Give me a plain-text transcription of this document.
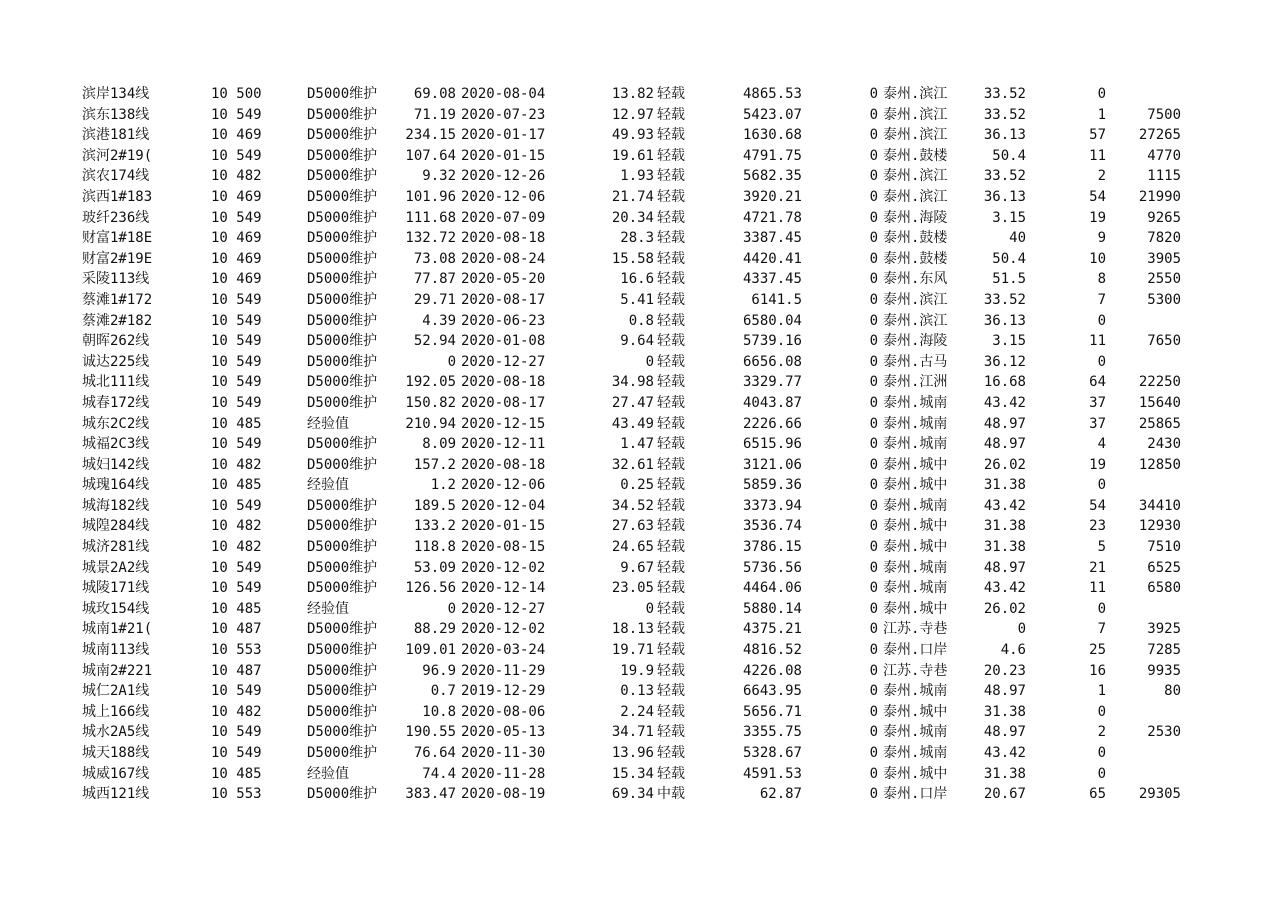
滨岸134线	10 500	D5000维护	69.08 2020-08-04	13.82 轻载	4865.53	0 泰州.滨江	33.52	0
滨东138线	10 549	D5000维护	71.19 2020-07-23	12.97 轻载	5423.07	0 泰州.滨江	33.52	1	7500
滨港181线	10 469	D5000维护	234.15 2020-01-17	49.93 轻载	1630.68	0 泰州.滨江	36.13	57	27265
滨河2#19(	10 549	D5000维护	107.64 2020-01-15	19.61 轻载	4791.75	0 泰州.鼓楼	50.4	11	4770
滨农174线	10 482	D5000维护	9.32 2020-12-26	1.93 轻载	5682.35	0 泰州.滨江	33.52	2	1115
滨西1#183	10 469	D5000维护	101.96 2020-12-06	21.74 轻载	3920.21	0 泰州.滨江	36.13	54	21990
玻纤236线	10 549	D5000维护	111.68 2020-07-09	20.34 轻载	4721.78	0 泰州.海陵	3.15	19	9265
财富1#18E	10 469	D5000维护	132.72 2020-08-18	28.3 轻载	3387.45	0 泰州.鼓楼	40	9	7820
财富2#19E	10 469	D5000维护	73.08 2020-08-24	15.58 轻载	4420.41	0 泰州.鼓楼	50.4	10	3905
采陵113线	10 469	D5000维护	77.87 2020-05-20	16.6 轻载	4337.45	0 泰州.东风	51.5	8	2550
蔡滩1#172	10 549	D5000维护	29.71 2020-08-17	5.41 轻载	6141.5	0 泰州.滨江	33.52	7	5300
蔡滩2#182	10 549	D5000维护	4.39 2020-06-23	0.8 轻载	6580.04	0 泰州.滨江	36.13	0
朝晖262线	10 549	D5000维护	52.94 2020-01-08	9.64 轻载	5739.16	0 泰州.海陵	3.15	11	7650
诚达225线	10 549	D5000维护	0 2020-12-27	0 轻载	6656.08	0 泰州.古马	36.12	0
城北111线	10 549	D5000维护	192.05 2020-08-18	34.98 轻载	3329.77	0 泰州.江洲	16.68	64	22250
城春172线	10 549	D5000维护	150.82 2020-08-17	27.47 轻载	4043.87	0 泰州.城南	43.42	37	15640
城东2C2线	10 485	经验值	210.94 2020-12-15	43.49 轻载	2226.66	0 泰州.城南	48.97	37	25865
城福2C3线	10 549	D5000维护	8.09 2020-12-11	1.47 轻载	6515.96	0 泰州.城南	48.97	4	2430
城妇142线	10 482	D5000维护	157.2 2020-08-18	32.61 轻载	3121.06	0 泰州.城中	26.02	19	12850
城瑰164线	10 485	经验值	1.2 2020-12-06	0.25 轻载	5859.36	0 泰州.城中	31.38	0
城海182线	10 549	D5000维护	189.5 2020-12-04	34.52 轻载	3373.94	0 泰州.城南	43.42	54	34410
城隍284线	10 482	D5000维护	133.2 2020-01-15	27.63 轻载	3536.74	0 泰州.城中	31.38	23	12930
城济281线	10 482	D5000维护	118.8 2020-08-15	24.65 轻载	3786.15	0 泰州.城中	31.38	5	7510
城景2A2线	10 549	D5000维护	53.09 2020-12-02	9.67 轻载	5736.56	0 泰州.城南	48.97	21	6525
城陵171线	10 549	D5000维护	126.56 2020-12-14	23.05 轻载	4464.06	0 泰州.城南	43.42	11	6580
城玫154线	10 485	经验值	0 2020-12-27	0 轻载	5880.14	0 泰州.城中	26.02	0
城南1#21(	10 487	D5000维护	88.29 2020-12-02	18.13 轻载	4375.21	0 江苏.寺巷	0	7	3925
城南113线	10 553	D5000维护	109.01 2020-03-24	19.71 轻载	4816.52	0 泰州.口岸	4.6	25	7285
城南2#221	10 487	D5000维护	96.9 2020-11-29	19.9 轻载	4226.08	0 江苏.寺巷	20.23	16	9935
城仁2A1线	10 549	D5000维护	0.7 2019-12-29	0.13 轻载	6643.95	0 泰州.城南	48.97	1	80
城上166线	10 482	D5000维护	10.8 2020-08-06	2.24 轻载	5656.71	0 泰州.城中	31.38	0
城水2A5线	10 549	D5000维护	190.55 2020-05-13	34.71 轻载	3355.75	0 泰州.城南	48.97	2	2530
城天188线	10 549	D5000维护	76.64 2020-11-30	13.96 轻载	5328.67	0 泰州.城南	43.42	0
城威167线	10 485	经验值	74.4 2020-11-28	15.34 轻载	4591.53	0 泰州.城中	31.38	0
城西121线	10 553	D5000维护	383.47 2020-08-19	69.34 中载	62.87	0 泰州.口岸	20.67	65	29305
